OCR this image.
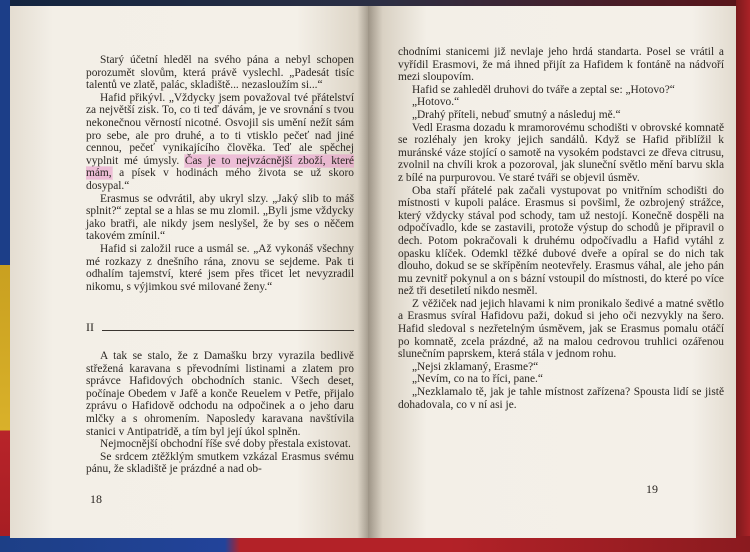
Starý účetní hleděl na svého pána a nebyl schopen porozumět slovům, která právě vyslechl. „Padesát tisíc talentů ve zlatě, palác, skladiště... nezasloužím si...“

Hafid přikývl. „Vždycky jsem považoval tvé přátelství za největší zisk. To, co ti teď dávám, je ve srovnání s tvou nekonečnou věrností nicotné. Osvojil sis umění nežít sám pro sebe, ale pro druhé, a to ti vtisklo pečeť nad jiné cennou, pečeť vynikajícího člověka. Teď ale spěchej vyplnit mé úmysly. Čas je to nejvzácnější zboží, které mám, a písek v hodinách mého života se už skoro dosypal.“

Erasmus se odvrátil, aby ukryl slzy. „Jaký slib to máš splnit?“ zeptal se a hlas se mu zlomil. „Byli jsme vždycky jako bratři, ale nikdy jsem neslyšel, že by ses o něčem takovém zmínil.“

Hafid si založil ruce a usmál se. „Až vykonáš všechny mé rozkazy z dnešního rána, znovu se sejdeme. Pak ti odhalím tajemství, které jsem přes třicet let nevyzradil nikomu, s výjimkou své milované ženy.“

II

A tak se stalo, že z Damašku brzy vyrazila bedlivě střežená karavana s převodními listinami a zlatem pro správce Hafidových obchodních stanic. Všech deset, počínaje Obedem v Jafě a konče Reuelem v Petře, přijalo zprávu o Hafidově odchodu na odpočinek a o jeho daru mlčky a s ohromením. Naposledy karavana navštívila stanici v Antipatridě, a tím byl její úkol splněn.

Nejmocnější obchodní říše své doby přestala existovat.

Se srdcem ztěžklým smutkem vzkázal Erasmus svému pánu, že skladiště je prázdné a nad ob-

18

chodními stanicemi již nevlaje jeho hrdá standarta. Posel se vrátil a vyřídil Erasmovi, že má ihned přijít za Hafidem k fontáně na nádvoří mezi sloupovím.

Hafid se zahleděl druhovi do tváře a zeptal se: „Hotovo?“

„Hotovo.“

„Drahý příteli, nebuď smutný a následuj mě.“

Vedl Erasma dozadu k mramorovému schodišti v obrovské komnatě se rozléhaly jen kroky jejich sandálů. Když se Hafid přiblížil k muránské váze stojící o samotě na vysokém podstavci ze dřeva citrusu, zvolnil na chvíli krok a pozoroval, jak sluneční světlo mění barvu skla z bílé na purpurovou. Ve staré tváři se objevil úsměv.

Oba staří přátelé pak začali vystupovat po vnitřním schodišti do místnosti v kupoli paláce. Erasmus si povšiml, že ozbrojený strážce, který vždycky stával pod schody, tam už nestojí. Konečně dospěli na odpočívadlo, kde se zastavili, protože výstup do schodů je připravil o dech. Potom pokračovali k druhému odpočívadlu a Hafid vytáhl z opasku klíček. Odemkl těžké dubové dveře a opíral se do nich tak dlouho, dokud se se skřípěním neotevřely. Erasmus váhal, ale jeho pán mu zevnitř pokynul a on s bázní vstoupil do místnosti, do které po více než tři desetiletí nikdo nesměl.

Z věžiček nad jejich hlavami k nim pronikalo šedivé a matné světlo a Erasmus svíral Hafidovu paži, dokud si jeho oči nezvykly na šero. Hafid sledoval s nezřetelným úsměvem, jak se Erasmus pomalu otáčí po komnatě, zcela prázdné, až na malou cedrovou truhlici ozářenou slunečním paprskem, která stála v jednom rohu.

„Nejsi zklamaný, Erasme?“

„Nevím, co na to říci, pane.“

„Nezklamalo tě, jak je tahle místnost zařízena? Spousta lidí se jistě dohadovala, co v ní asi je.

19
